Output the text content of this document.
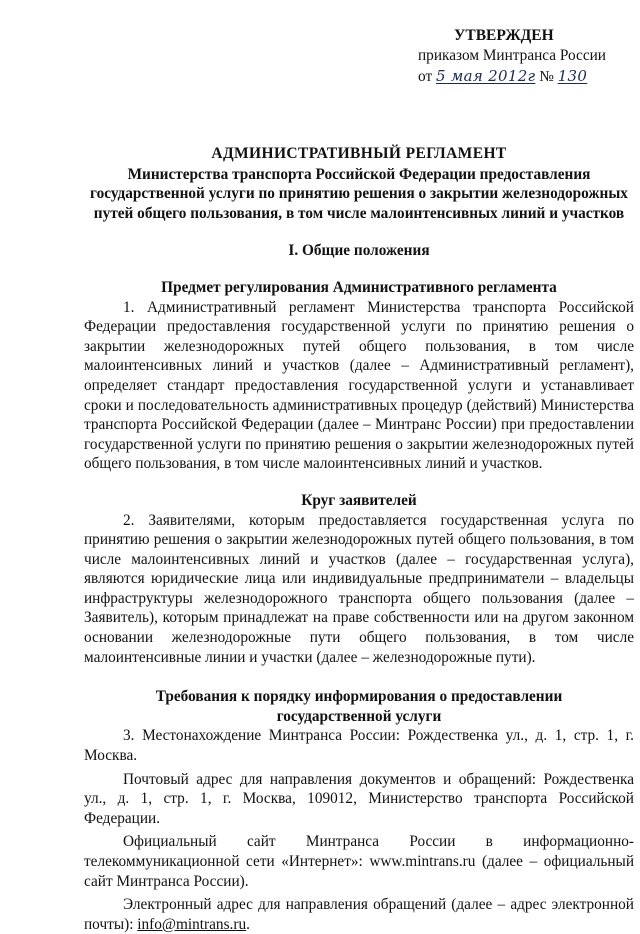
УТВЕРЖДЕН
приказом Минтранса России
от 5 мая 2012г № 130
АДМИНИСТРАТИВНЫЙ РЕГЛАМЕНТ
Министерства транспорта Российской Федерации предоставления государственной услуги по принятию решения о закрытии железнодорожных путей общего пользования, в том числе малоинтенсивных линий и участков
I. Общие положения
Предмет регулирования Административного регламента

1. Административный регламент Министерства транспорта Российской Федерации предоставления государственной услуги по принятию решения о закрытии железнодорожных путей общего пользования, в том числе малоинтенсивных линий и участков (далее – Административный регламент), определяет стандарт предоставления государственной услуги и устанавливает сроки и последовательность административных процедур (действий) Министерства транспорта Российской Федерации (далее – Минтранс России) при предоставлении государственной услуги по принятию решения о закрытии железнодорожных путей общего пользования, в том числе малоинтенсивных линий и участков.

Круг заявителей

2. Заявителями, которым предоставляется государственная услуга по принятию решения о закрытии железнодорожных путей общего пользования, в том числе малоинтенсивных линий и участков (далее – государственная услуга), являются юридические лица или индивидуальные предприниматели – владельцы инфраструктуры железнодорожного транспорта общего пользования (далее – Заявитель), которым принадлежат на праве собственности или на другом законном основании железнодорожные пути общего пользования, в том числе малоинтенсивные линии и участки (далее – железнодорожные пути).

Требования к порядку информирования о предоставлении
государственной услуги

3. Местонахождение Минтранса России: Рождественка ул., д. 1, стр. 1, г. Москва.

Почтовый адрес для направления документов и обращений: Рождественка ул., д. 1, стр. 1, г. Москва, 109012, Министерство транспорта Российской Федерации.

Официальный сайт Минтранса России в информационно-телекоммуникационной сети «Интернет»: www.mintrans.ru (далее – официальный сайт Минтранса России).

Электронный адрес для направления обращений (далее – адрес электронной почты): info@mintrans.ru.
